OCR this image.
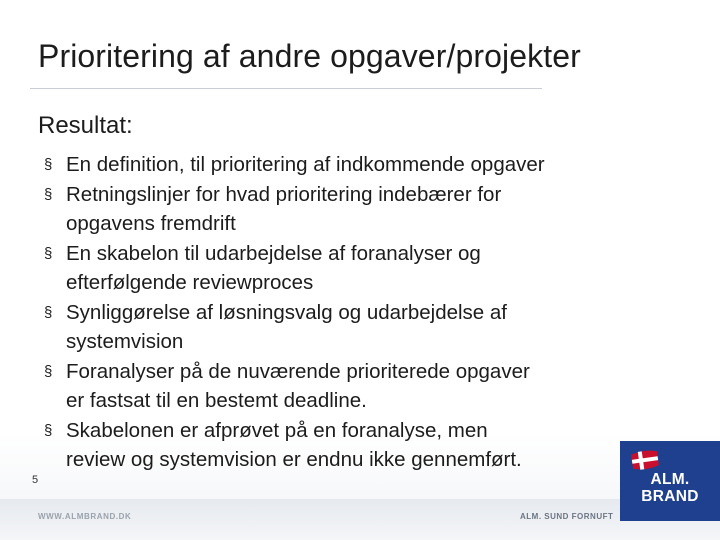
Prioritering af andre opgaver/projekter
Resultat:
§ En definition, til prioritering af indkommende opgaver
§ Retningslinjer for hvad prioritering indebærer for
opgavens fremdrift
§ En skabelon til udarbejdelse af foranalyser og
efterfølgende reviewproces
§ Synliggørelse af løsningsvalg og udarbejdelse af
systemvision
§ Foranalyser på de nuværende prioriterede opgaver
er fastsat til en bestemt deadline.
§ Skabelonen er afprøvet på en foranalyse, men
review og systemvision er endnu ikke gennemført.
5
WWW.ALMBRAND.DK	ALM. SUND FORNUFT
ALM.
BRAND
